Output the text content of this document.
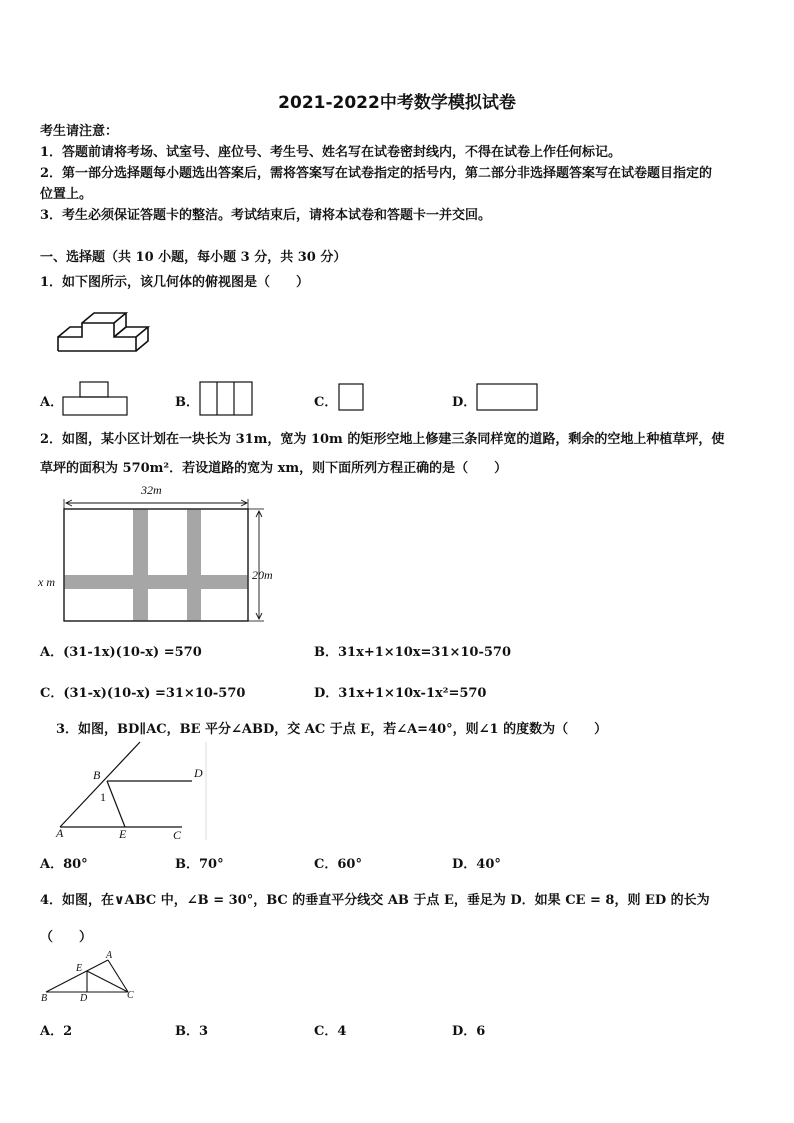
2021-2022中考数学模拟试卷
考生请注意：
1．答题前请将考场、试室号、座位号、考生号、姓名写在试卷密封线内，不得在试卷上作任何标记。
2．第一部分选择题每小题选出答案后，需将答案写在试卷指定的括号内，第二部分非选择题答案写在试卷题目指定的
位置上。
3．考生必须保证答题卡的整洁。考试结束后，请将本试卷和答题卡一并交回。
一、选择题（共 10 小题，每小题 3 分，共 30 分）
1．如下图所示，该几何体的俯视图是（　　）
A．	B．	C．	D．
2．如图，某小区计划在一块长为 31m，宽为 10m 的矩形空地上修建三条同样宽的道路，剩余的空地上种植草坪，使
草坪的面积为 570m²．若设道路的宽为 xm，则下面所列方程正确的是（　　）
32m
20m
x m
A．(31-1x)(10-x) =570	B．31x+1×10x=31×10-570
C．(31-x)(10-x) =31×10-570	D．31x+1×10x-1x²=570
3．如图，BD∥AC，BE 平分∠ABD，交 AC 于点 E，若∠A=40°，则∠1 的度数为（　　）
B	D
A	E	C
1
A．80°	B．70°	C．60°	D．40°
4．如图，在∨ABC 中，∠B = 30°，BC 的垂直平分线交 AB 于点 E，垂足为 D．如果 CE = 8，则 ED 的长为
（　　）
A
E
B	D	C
A．2	B．3	C．4	D．6
